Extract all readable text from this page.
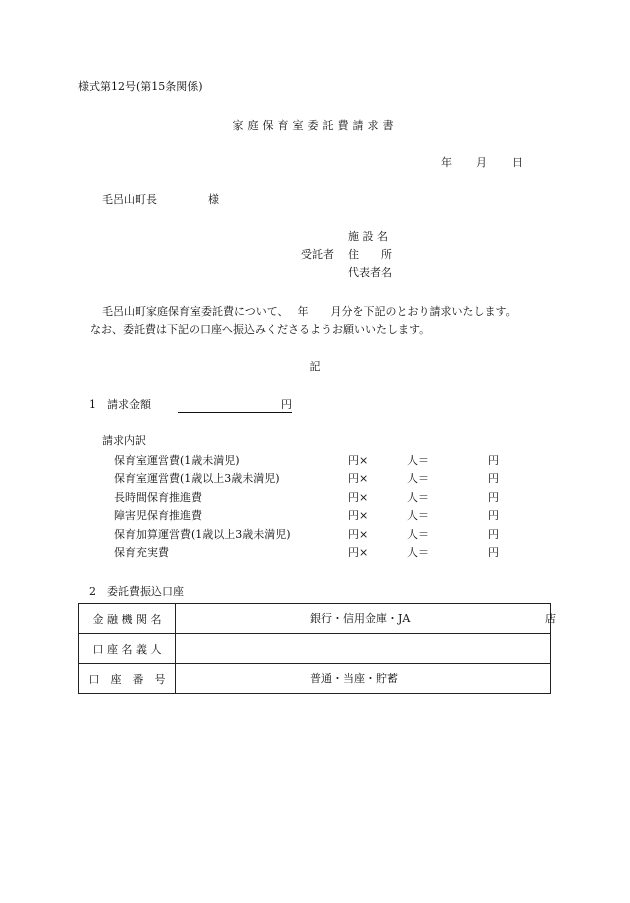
様式第12号(第15条関係)
家庭保育室委託費請求書
年 月 日
毛呂山町長	様
施 設 名
受託者 住　　所
代表者名
毛呂山町家庭保育室委託費について、　 年　　月分を下記のとおり請求いたします。
なお、委託費は下記の口座へ振込みくださるようお願いいたします。
記
1　請求金額	円
請求内訳
保育室運営費(1歳未満児)	円×	人＝	円
保育室運営費(1歳以上3歳未満児)	円×	人＝	円
長時間保育推進費	円×	人＝	円
障害児保育推進費	円×	人＝	円
保育加算運営費(1歳以上3歳未満児)	円×	人＝	円
保育充実費	円×	人＝	円
2　委託費振込口座
金 融 機 関 名	銀行・信用金庫・JA 店

口 座 名 義 人	
口　座　番　号	普通・当座・貯蓄
